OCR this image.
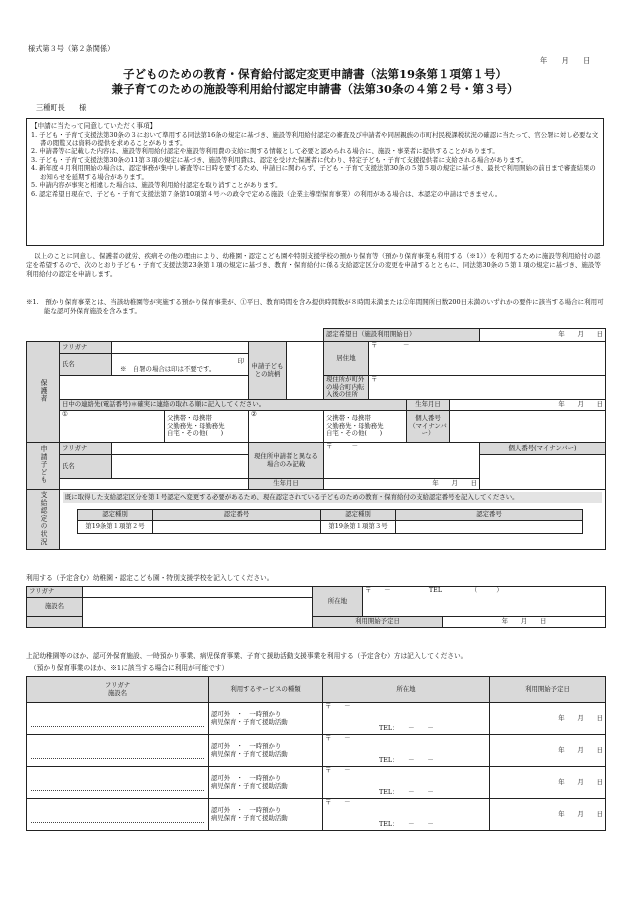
様式第３号（第２条関係）
年　　月　　日
子どものための教育・保育給付認定変更申請書（法第19条第１項第１号）
兼子育てのための施設等利用給付認定申請書（法第30条の４第２号・第３号）
三種町長　　様
【申請に当たって同意していただく事項】
1. 子ども・子育て支援法第30条の３において準用する同法第16条の規定に基づき、施設等利用給付認定の審査及び申請者や同居親族の市町村民税課税状況の確認に当たって、官公署に対し必要な文書の閲覧又は資料の提供を求めることがあります。
2. 申請書等に記載した内容は、施設等利用給付認定や施設等利用費の支給に関する情報として必要と認められる場合に、施設・事業者に提供することがあります。
3. 子ども・子育て支援法第30条の11第３項の規定に基づき、施設等利用費は、認定を受けた保護者に代わり、特定子ども・子育て支援提供者に支給される場合があります。
4. 新年度４月利用開始の場合は、認定事務が集中し審査等に日時を要するため、申請日に関わらず、子ども・子育て支援法第30条の５第５項の規定に基づき、最長で利用開始の前日まで審査結果のお知らせを延期する場合があります。
5. 申請内容が事実と相違した場合は、施設等利用給付認定を取り消すことがあります。
6. 認定希望日現在で、子ども・子育て支援法第７条第10項第４号ハの政令で定める施設（企業主導型保育事業）の利用がある場合は、本認定の申請はできません。
以上のことに同意し、保護者の就労、疾病その他の理由により、幼稚園・認定こども園や特別支援学校の預かり保育等（預かり保育事業も利用する（※1））を利用するために施設等利用給付の認定を希望するので、次のとおり子ども・子育て支援法第23条第１項の規定に基づき、教育・保育給付に係る支給認定区分の変更を申請するとともに、同法第30条の５第１項の規定に基づき、施設等利用給付の認定を申請します。
※1.　預かり保育事業とは、当該幼稚園等が実施する預かり保育事業が、①平日、教育時間を含み提供時間数が８時間未満または②年間開所日数200日未満のいずれかの要件に該当する場合に利用可能な認可外保育施設を含みます。
	認定希望日（施設利用開始日）	年　　月　　日
保護者	フリガナ		申請子どもとの続柄		居住地	〒　　　　－
氏名	印
※　自署の場合は印は不要です。

	現住所が町外の場合町内転入後の住所	〒
日中の連絡先(電話番号)＊確実に連絡の取れる順に記入してください。	生年月日	年　　月　　日
①	父携帯・母携帯
父勤務先・母勤務先
自宅・その他(　　)	②	父携帯・母携帯
父勤務先・母勤務先
自宅・その他(　　)	個人番号（マイナンバー）	
申請子ども	フリガナ		現住所申請者と異なる場合のみ記載	〒　　　－	個人番号(マイナンバー)
氏名		
	生年月日	年　　月　　日
支給認定の状況	既に取得した支給認定区分を第１号認定へ変更する必要があるため、現在認定されている子どものための教育・保育給付の支給認定番号を記入してください。
認定種別	認定番号	認定種別	認定番号
第19条第１項第２号		第19条第１項第３号	
利用する（予定含む）幼稚園・認定こども園・特別支援学校を記入してください。
フリガナ		所在地	〒　　－　　　　　　TEL　　　　　（　　　）	
施設名				
		利用開始予定日		年　　月　　日
上記幼稚園等のほか、認可外保育施設、一時預かり事業、病児保育事業、子育て援助活動支援事業を利用する（予定含む）方は記入してください。
（預かり保育事業のほか、※1に該当する場合に利用が可能です）
フリガナ
施設名	利用するサービスの種類	所在地	利用開始予定日

	認可外　・　一時預かり
病児保育・子育て援助活動	〒　　－
TEL：　　－　　－	年　　月　　日

	認可外　・　一時預かり
病児保育・子育て援助活動	〒　　－
TEL：　　－　　－	年　　月　　日

	認可外　・　一時預かり
病児保育・子育て援助活動	〒　　－
TEL：　　－　　－	年　　月　　日

	認可外　・　一時預かり
病児保育・子育て援助活動	〒　　－
TEL：　　－　　－	年　　月　　日
